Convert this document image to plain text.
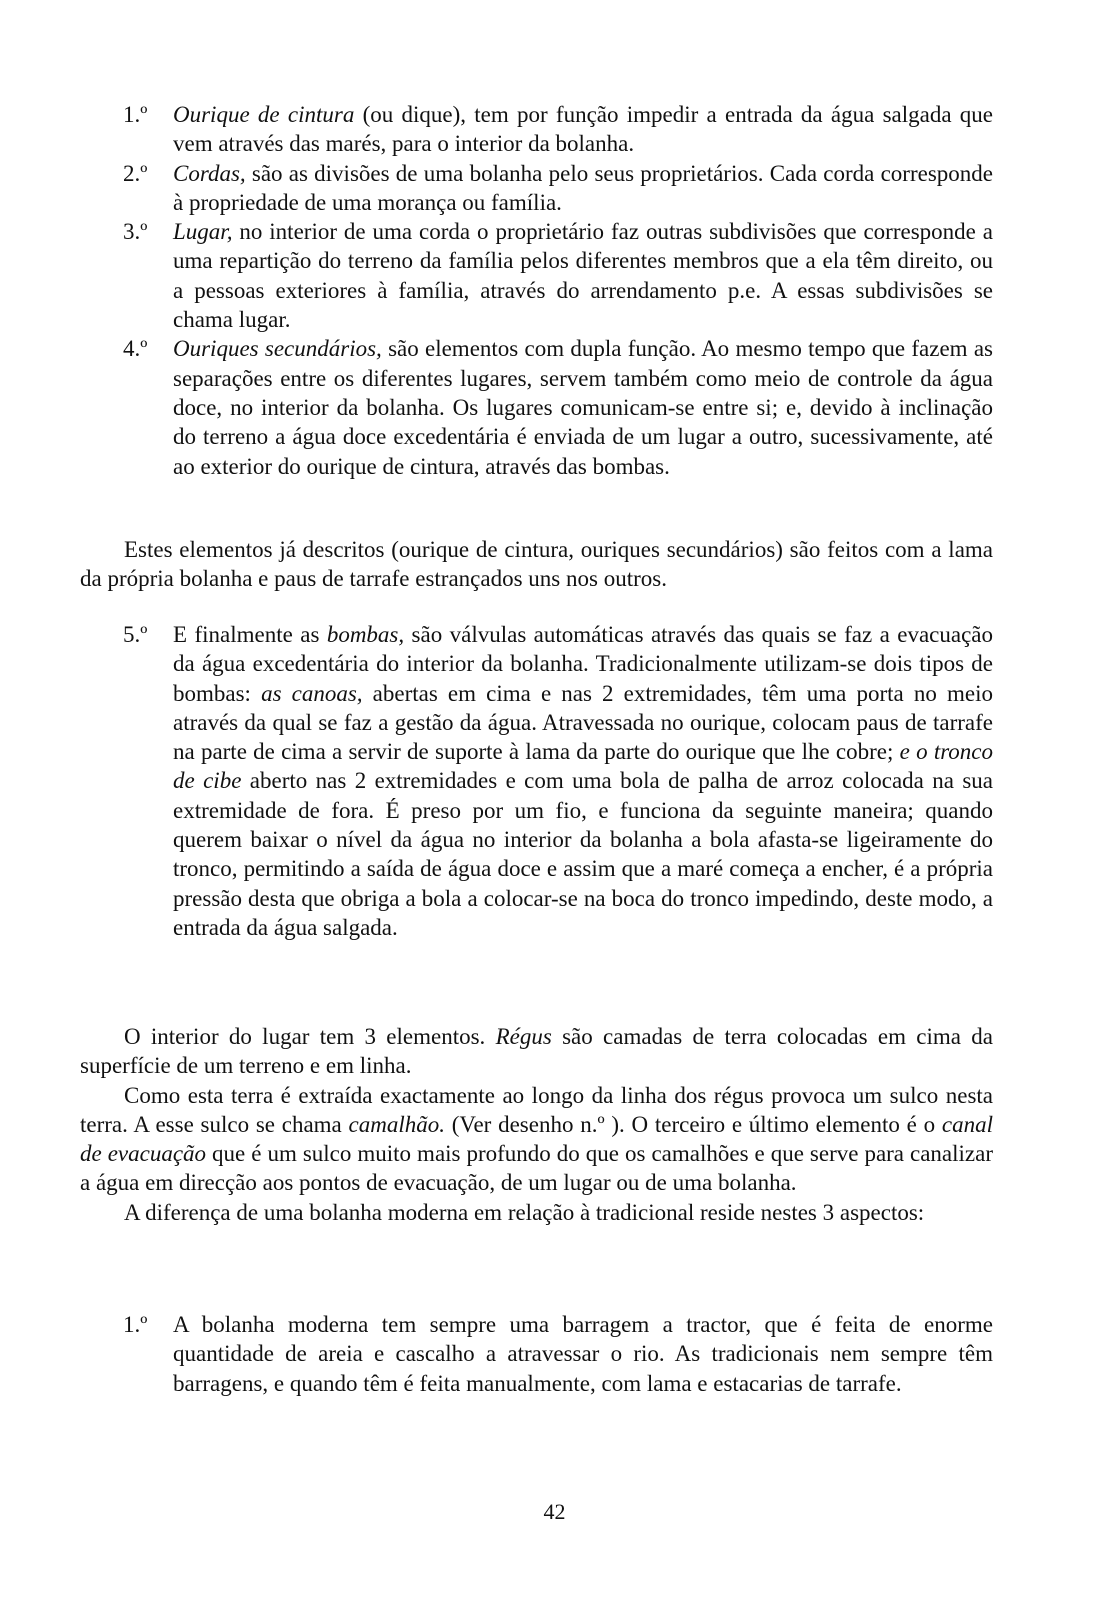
1.º Ourique de cintura (ou dique), tem por função impedir a entrada da água salgada que vem através das marés, para o interior da bolanha.
2.º Cordas, são as divisões de uma bolanha pelo seus proprietários. Cada corda corresponde à propriedade de uma morança ou família.
3.º Lugar, no interior de uma corda o proprietário faz outras subdivisões que corresponde a uma repartição do terreno da família pelos diferentes membros que a ela têm direito, ou a pessoas exteriores à família, através do arrendamento p.e. A essas subdivisões se chama lugar.
4.º Ouriques secundários, são elementos com dupla função. Ao mesmo tempo que fazem as separações entre os diferentes lugares, servem também como meio de controle da água doce, no interior da bolanha. Os lugares comunicam-se entre si; e, devido à inclinação do terreno a água doce excedentária é enviada de um lugar a outro, sucessivamente, até ao exterior do ourique de cintura, através das bombas.

Estes elementos já descritos (ourique de cintura, ouriques secundários) são feitos com a lama da própria bolanha e paus de tarrafe estrançados uns nos outros.

5.º E finalmente as bombas, são válvulas automáticas através das quais se faz a evacuação da água excedentária do interior da bolanha. Tradicionalmente utilizam-se dois tipos de bombas: as canoas, abertas em cima e nas 2 extremidades, têm uma porta no meio através da qual se faz a gestão da água. Atravessada no ourique, colocam paus de tarrafe na parte de cima a servir de suporte à lama da parte do ourique que lhe cobre; e o tronco de cibe aberto nas 2 extremidades e com uma bola de palha de arroz colocada na sua extremidade de fora. É preso por um fio, e funciona da seguinte maneira; quando querem baixar o nível da água no interior da bolanha a bola afasta-se ligeiramente do tronco, permitindo a saída de água doce e assim que a maré começa a encher, é a própria pressão desta que obriga a bola a colocar-se na boca do tronco impedindo, deste modo, a entrada da água salgada.
O interior do lugar tem 3 elementos. Régus são camadas de terra colocadas em cima da superfície de um terreno e em linha.
Como esta terra é extraída exactamente ao longo da linha dos régus provoca um sulco nesta terra. A esse sulco se chama camalhão. (Ver desenho n.º ). O terceiro e último elemento é o canal de evacuação que é um sulco muito mais profundo do que os camalhões e que serve para canalizar a água em direcção aos pontos de evacuação, de um lugar ou de uma bolanha.
A diferença de uma bolanha moderna em relação à tradicional reside nestes 3 aspectos:
1.º A bolanha moderna tem sempre uma barragem a tractor, que é feita de enorme quantidade de areia e cascalho a atravessar o rio. As tradicionais nem sempre têm barragens, e quando têm é feita manualmente, com lama e estacarias de tarrafe.
42
